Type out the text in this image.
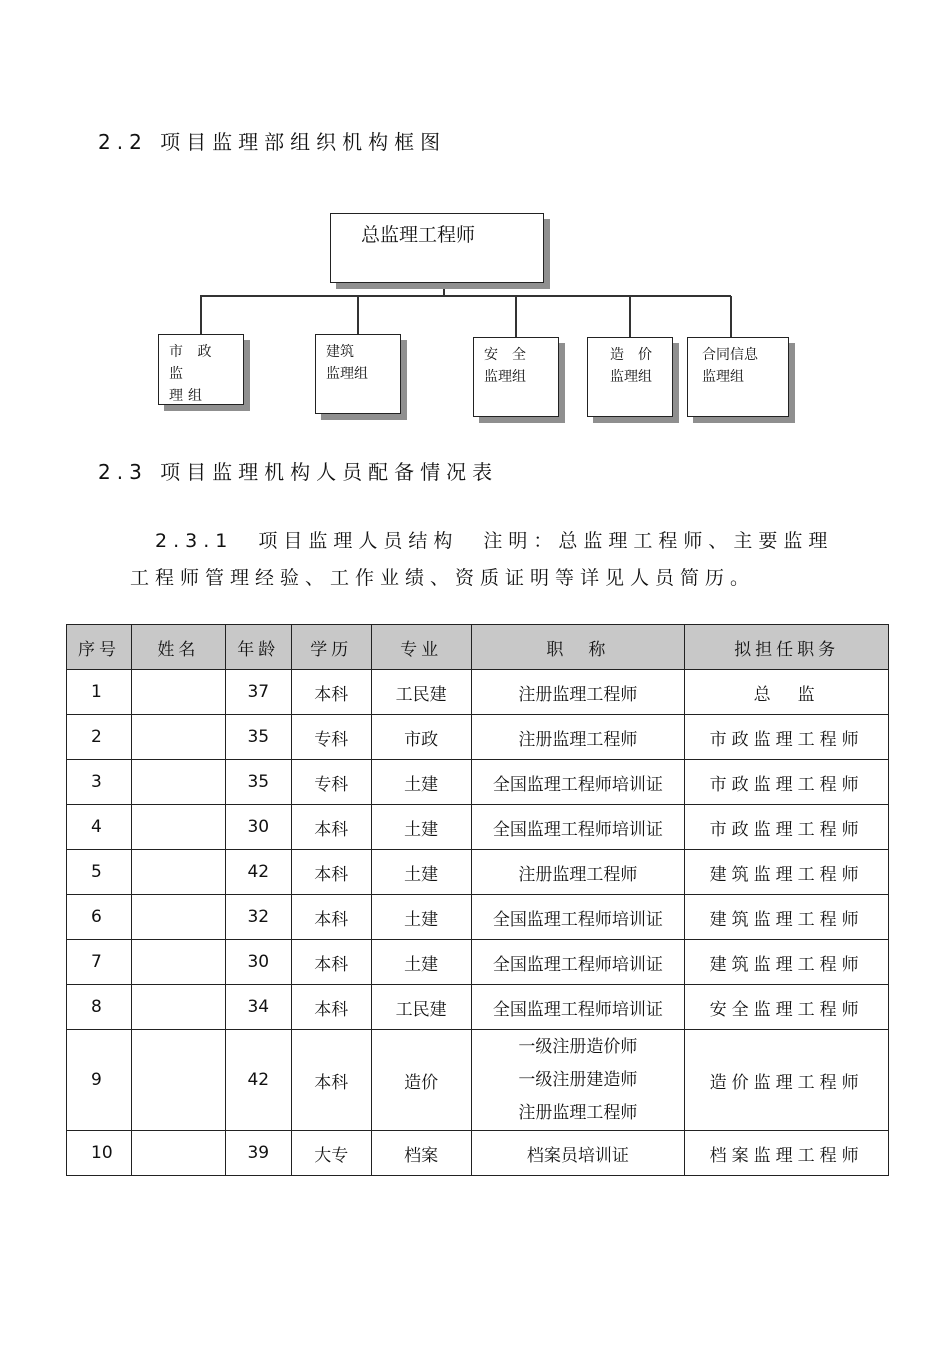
2.2 项目监理部组织机构框图
总监理工程师
市 政 监
理组
建筑
监理组
安　全
监理组
造　价
监理组
合同信息
监理组
2.3 项目监理机构人员配备情况表
2.3.1　项目监理人员结构　注明：总监理工程师、主要监理
工程师管理经验、工作业绩、资质证明等详见人员简历。
序号	姓名	年龄	学历	专业	职　称	拟担任职务
1		37	本科	工民建	注册监理工程师	总　监
2		35	专科	市政	注册监理工程师	市政监理工程师
3		35	专科	土建	全国监理工程师培训证	市政监理工程师
4		30	本科	土建	全国监理工程师培训证	市政监理工程师
5		42	本科	土建	注册监理工程师	建筑监理工程师
6		32	本科	土建	全国监理工程师培训证	建筑监理工程师
7		30	本科	土建	全国监理工程师培训证	建筑监理工程师
8		34	本科	工民建	全国监理工程师培训证	安全监理工程师
9		42	本科	造价	一级注册造价师
一级注册建造师
注册监理工程师	造价监理工程师
10		39	大专	档案	档案员培训证	档案监理工程师
